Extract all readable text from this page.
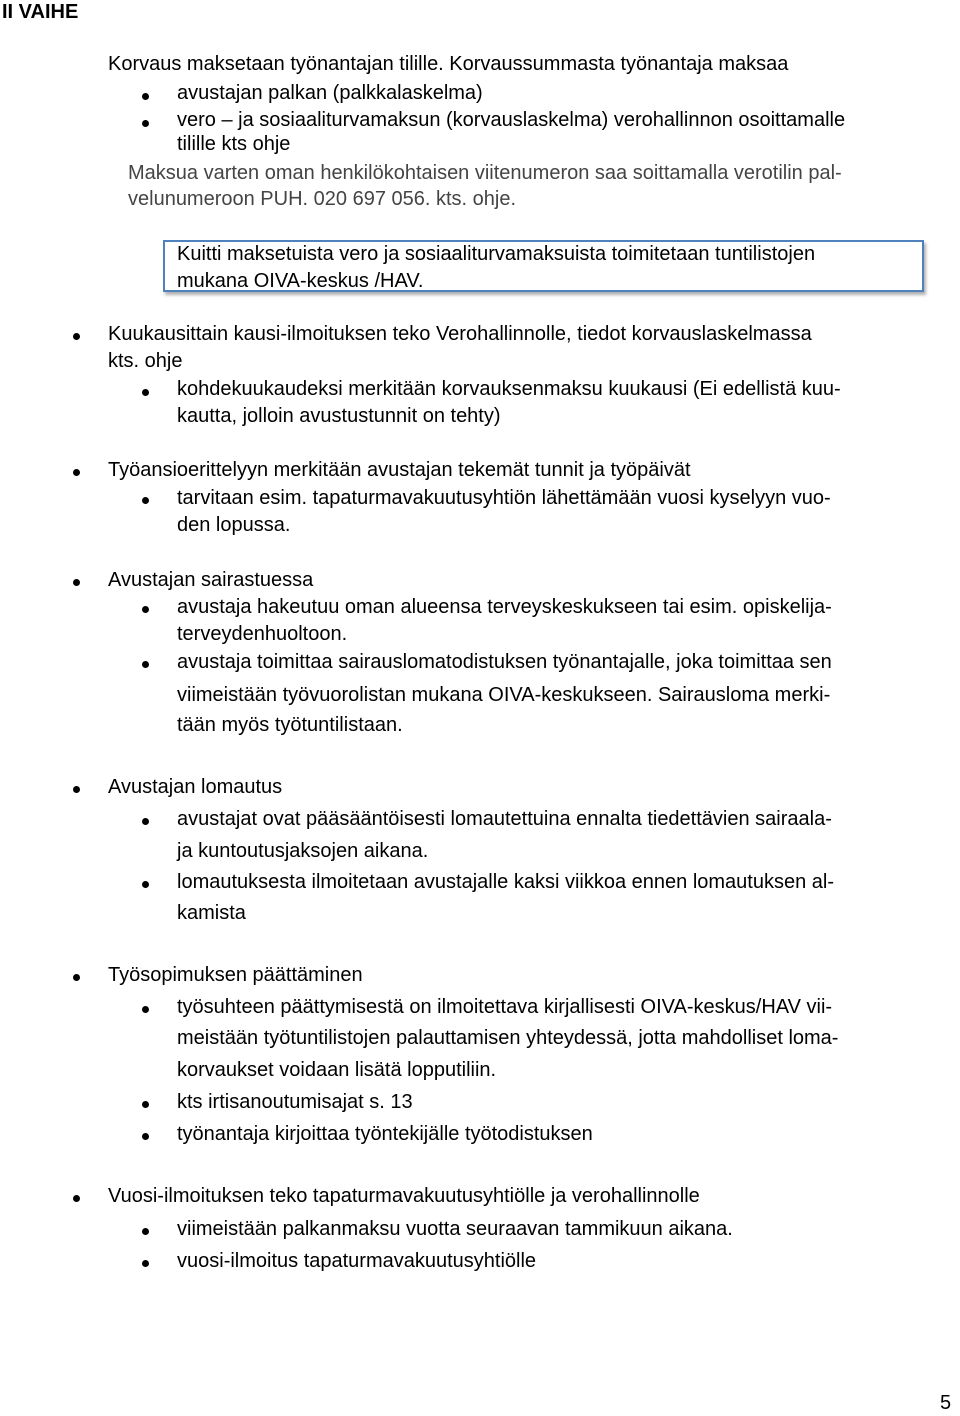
II VAIHE
Korvaus maksetaan työnantajan tilille. Korvaussummasta työnantaja maksaa
avustajan palkan (palkkalaskelma)
vero – ja sosiaaliturvamaksun (korvauslaskelma) verohallinnon osoittamalle
tilille kts ohje
Maksua varten oman henkilökohtaisen viitenumeron saa soittamalla verotilin pal-
velunumeroon PUH. 020 697 056. kts. ohje.
Kuitti maksetuista vero ja sosiaaliturvamaksuista toimitetaan tuntilistojen
mukana OIVA-keskus /HAV.
Kuukausittain kausi-ilmoituksen teko Verohallinnolle, tiedot korvauslaskelmassa
kts. ohje
kohdekuukaudeksi merkitään korvauksenmaksu kuukausi (Ei edellistä kuu-
kautta, jolloin avustustunnit on tehty)
Työansioerittelyyn merkitään avustajan tekemät tunnit ja työpäivät
tarvitaan esim. tapaturmavakuutusyhtiön lähettämään vuosi kyselyyn vuo-
den lopussa.
Avustajan sairastuessa
avustaja hakeutuu oman alueensa terveyskeskukseen tai esim. opiskelija-
terveydenhuoltoon.
avustaja toimittaa sairauslomatodistuksen työnantajalle, joka toimittaa sen
viimeistään työvuorolistan mukana OIVA-keskukseen. Sairausloma merki-
tään myös työtuntilistaan.
Avustajan lomautus
avustajat ovat pääsääntöisesti lomautettuina ennalta tiedettävien sairaala-
ja kuntoutusjaksojen aikana.
lomautuksesta ilmoitetaan avustajalle kaksi viikkoa ennen lomautuksen al-
kamista
Työsopimuksen päättäminen
työsuhteen päättymisestä on ilmoitettava kirjallisesti OIVA-keskus/HAV vii-
meistään työtuntilistojen palauttamisen yhteydessä, jotta mahdolliset loma-
korvaukset voidaan lisätä lopputiliin.
kts irtisanoutumisajat s. 13
työnantaja kirjoittaa työntekijälle työtodistuksen
Vuosi-ilmoituksen teko tapaturmavakuutusyhtiölle ja verohallinnolle
viimeistään palkanmaksu vuotta seuraavan tammikuun aikana.
vuosi-ilmoitus tapaturmavakuutusyhtiölle
5
